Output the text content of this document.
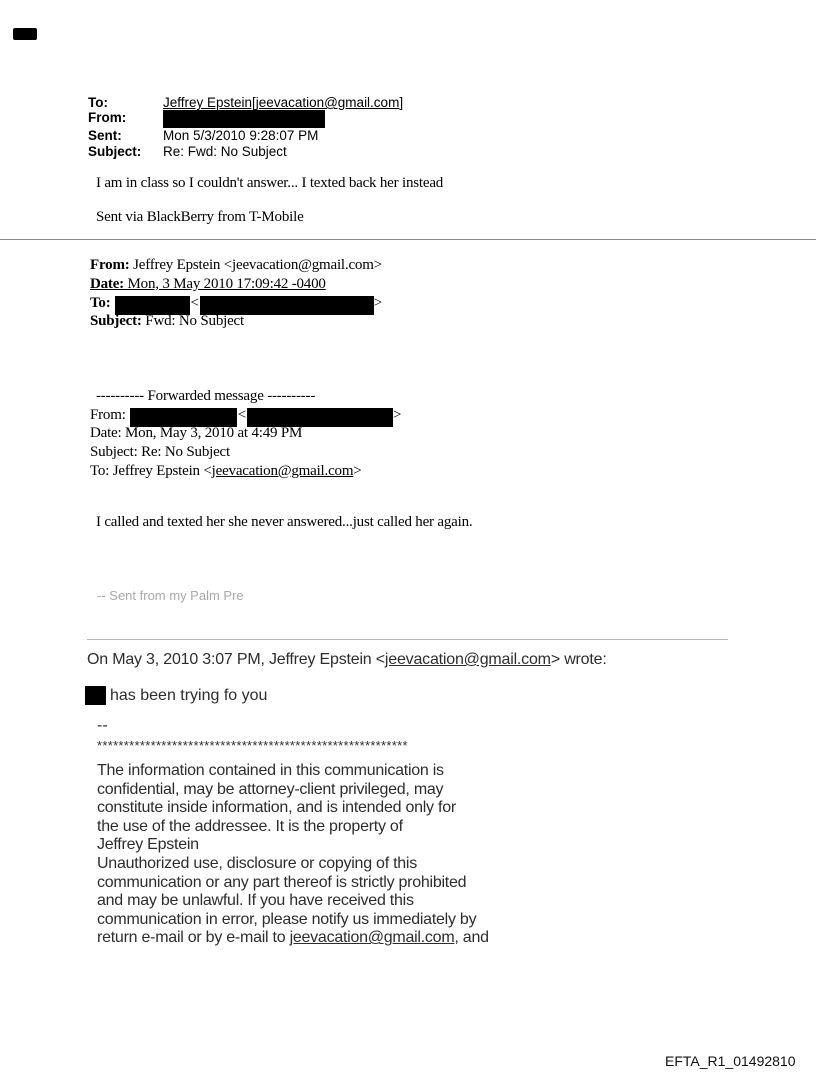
To:	Jeffrey Epstein[jeevacation@gmail.com]
From:
Sent:	Mon 5/3/2010 9:28:07 PM
Subject:	Re: Fwd: No Subject
I am in class so I couldn't answer... I texted back her instead
Sent via BlackBerry from T-Mobile
From: Jeffrey Epstein <jeevacation@gmail.com>
Date: Mon, 3 May 2010 17:09:42 -0400
To:	<	>
Subject: Fwd: No Subject
---------- Forwarded message ----------
From:	<	>
Date: Mon, May 3, 2010 at 4:49 PM
Subject: Re: No Subject
To: Jeffrey Epstein <jeevacation@gmail.com>
I called and texted her she never answered...just called her again.
-- Sent from my Palm Pre
On May 3, 2010 3:07 PM, Jeffrey Epstein <jeevacation@gmail.com> wrote:
has been trying fo you
--
**********************************************************
The information contained in this communication is
confidential, may be attorney-client privileged, may
constitute inside information, and is intended only for
the use of the addressee. It is the property of
Jeffrey Epstein
Unauthorized use, disclosure or copying of this
communication or any part thereof is strictly prohibited
and may be unlawful. If you have received this
communication in error, please notify us immediately by
return e-mail or by e-mail to jeevacation@gmail.com, and
EFTA_R1_01492810
